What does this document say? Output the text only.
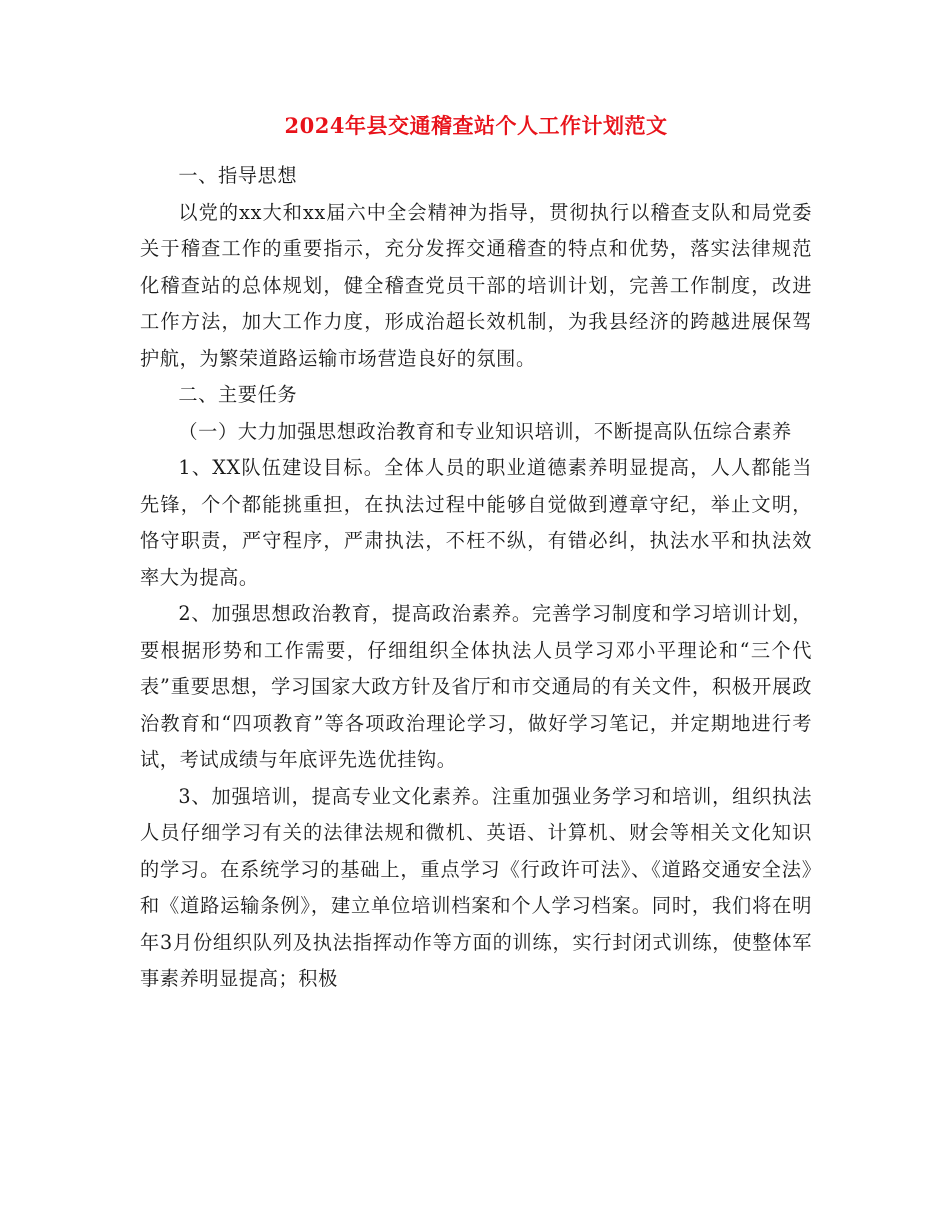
2024年县交通稽查站个人工作计划范文

一、指导思想

以党的xx大和xx届六中全会精神为指导，贯彻执行以稽查支队和局党委关于稽查工作的重要指示，充分发挥交通稽查的特点和优势，落实法律规范化稽查站的总体规划，健全稽查党员干部的培训计划，完善工作制度，改进工作方法，加大工作力度，形成治超长效机制，为我县经济的跨越进展保驾护航，为繁荣道路运输市场营造良好的氛围。

二、主要任务

（一）大力加强思想政治教育和专业知识培训，不断提高队伍综合素养

1、XX队伍建设目标。全体人员的职业道德素养明显提高，人人都能当先锋，个个都能挑重担，在执法过程中能够自觉做到遵章守纪，举止文明，恪守职责，严守程序，严肃执法，不枉不纵，有错必纠，执法水平和执法效率大为提高。

2、加强思想政治教育，提高政治素养。完善学习制度和学习培训计划，要根据形势和工作需要，仔细组织全体执法人员学习邓小平理论和“三个代表”重要思想，学习国家大政方针及省厅和市交通局的有关文件，积极开展政治教育和“四项教育”等各项政治理论学习，做好学习笔记，并定期地进行考试，考试成绩与年底评先选优挂钩。

3、加强培训，提高专业文化素养。注重加强业务学习和培训，组织执法人员仔细学习有关的法律法规和微机、英语、计算机、财会等相关文化知识的学习。在系统学习的基础上，重点学习《行政许可法》、《道路交通安全法》和《道路运输条例》，建立单位培训档案和个人学习档案。同时，我们将在明年3月份组织队列及执法指挥动作等方面的训练，实行封闭式训练，使整体军事素养明显提高；积极
